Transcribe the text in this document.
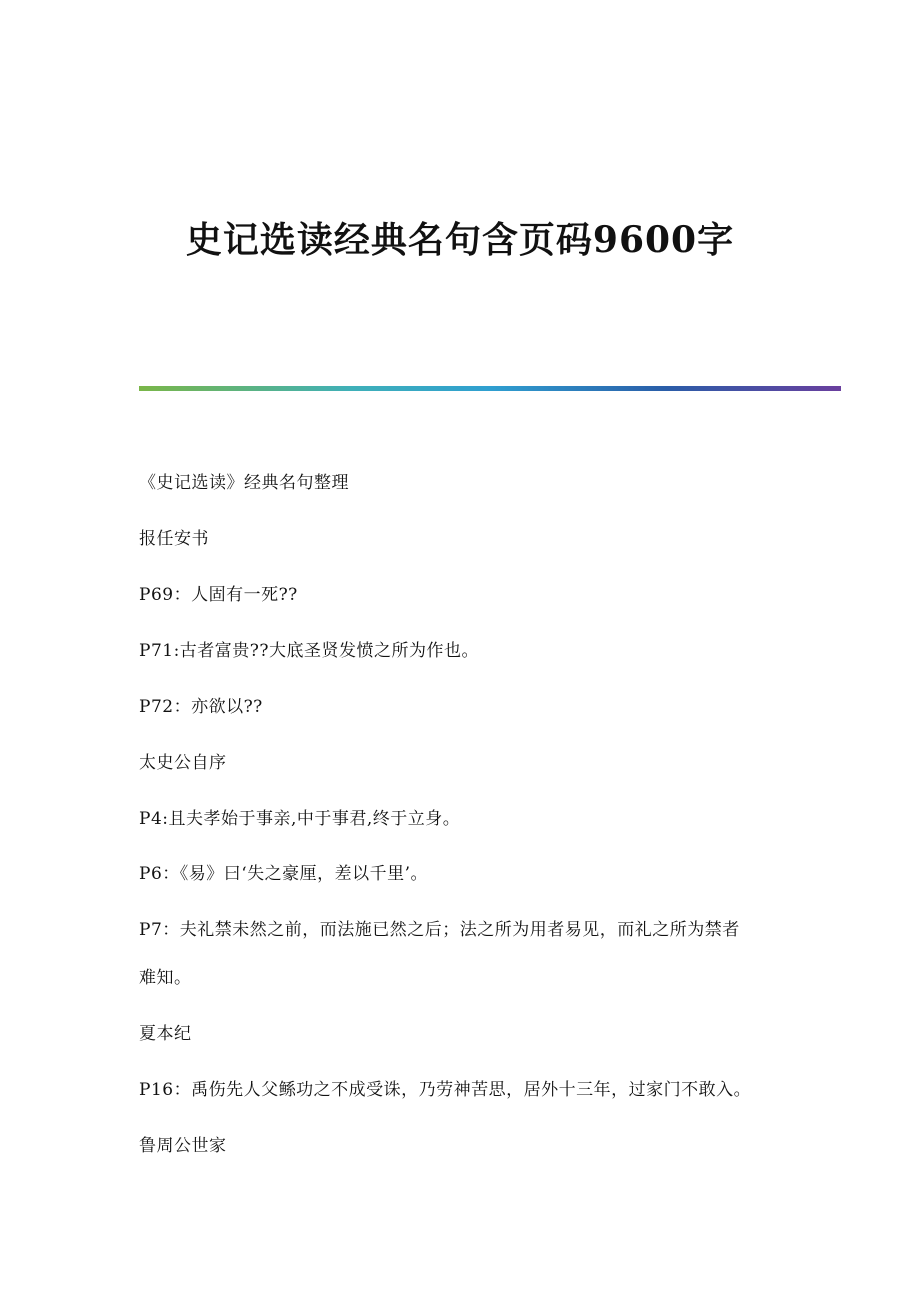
史记选读经典名句含页码9600字
《史记选读》经典名句整理
报任安书
P69：人固有一死??
P71:古者富贵??大底圣贤发愤之所为作也。
P72：亦欲以??
太史公自序
P4:且夫孝始于事亲,中于事君,终于立身。
P6：《易》曰‘失之豪厘，差以千里’。
P7：夫礼禁未然之前，而法施已然之后；法之所为用者易见，而礼之所为禁者
难知。
夏本纪
P16：禹伤先人父鲧功之不成受诛，乃劳神苦思，居外十三年，过家门不敢入。
鲁周公世家
